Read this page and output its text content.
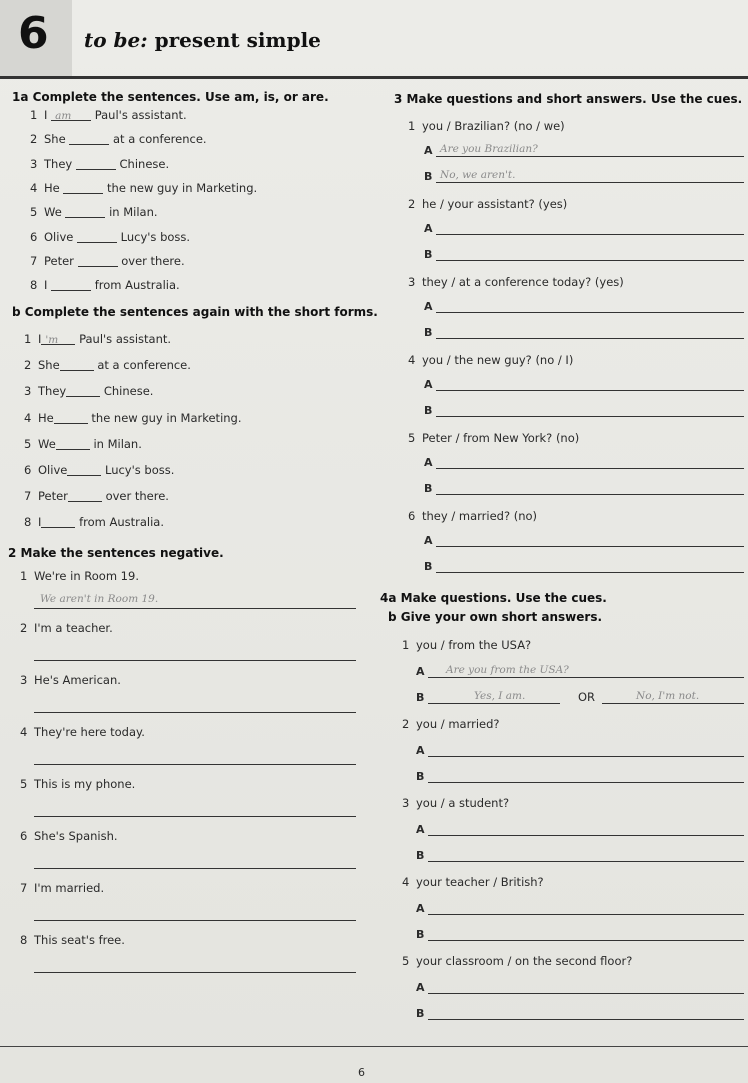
6 to be: present simple
1a Complete the sentences. Use am, is, or are.
1 I am Paul's assistant.
2 She	at a conference.
3 They	Chinese.
4 He	the new guy in Marketing.
5 We	in Milan.
6 Olive	Lucy's boss.
7 Peter	over there.
8 I	from Australia.
b Complete the sentences again with the short forms.
1 I 'm Paul's assistant.
2 She	at a conference.
3 They	Chinese.
4 He	the new guy in Marketing.
5 We	in Milan.
6 Olive	Lucy's boss.
7 Peter	over there.
8 I	from Australia.
2 Make the sentences negative.
1 We're in Room 19.
We aren't in Room 19.
2 I'm a teacher.
3 He's American.
4 They're here today.
5 This is my phone.
6 She's Spanish.
7 I'm married.
8 This seat's free.
3 Make questions and short answers. Use the cues.
1 you / Brazilian? (no / we)
A Are you Brazilian?
B No, we aren't.
2 he / your assistant? (yes)
A
B
3 they / at a conference today? (yes)
A
B
4 you / the new guy? (no / I)
A
B
5 Peter / from New York? (no)
A
B
6 they / married? (no)
A
B
4a Make questions. Use the cues.
b Give your own short answers.
1 you / from the USA?
A Are you from the USA?
B	Yes, I am.	OR	No, I'm not.
2 you / married?
A
B
3 you / a student?
A
B
4 your teacher / British?
A
B
5 your classroom / on the second floor?
A
B
6
